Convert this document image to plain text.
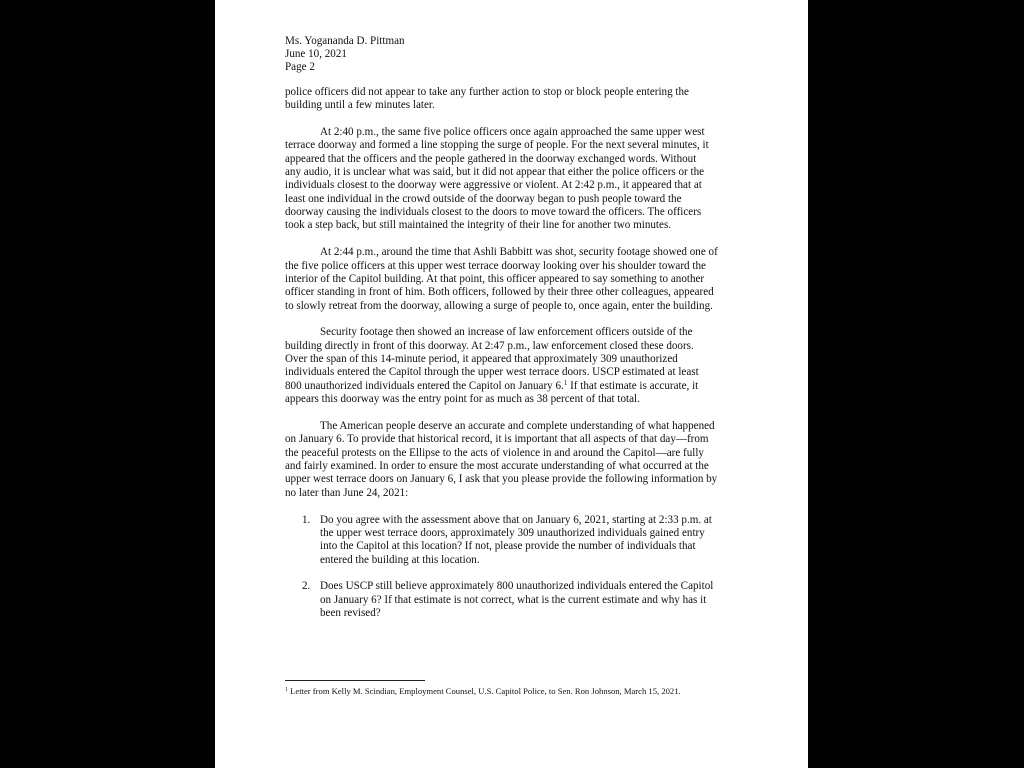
Ms. Yogananda D. Pittman
June 10, 2021
Page 2
police officers did not appear to take any further action to stop or block people entering the
building until a few minutes later.
At 2:40 p.m., the same five police officers once again approached the same upper west
terrace doorway and formed a line stopping the surge of people. For the next several minutes, it
appeared that the officers and the people gathered in the doorway exchanged words. Without
any audio, it is unclear what was said, but it did not appear that either the police officers or the
individuals closest to the doorway were aggressive or violent. At 2:42 p.m., it appeared that at
least one individual in the crowd outside of the doorway began to push people toward the
doorway causing the individuals closest to the doors to move toward the officers. The officers
took a step back, but still maintained the integrity of their line for another two minutes.
At 2:44 p.m., around the time that Ashli Babbitt was shot, security footage showed one of
the five police officers at this upper west terrace doorway looking over his shoulder toward the
interior of the Capitol building. At that point, this officer appeared to say something to another
officer standing in front of him. Both officers, followed by their three other colleagues, appeared
to slowly retreat from the doorway, allowing a surge of people to, once again, enter the building.
Security footage then showed an increase of law enforcement officers outside of the
building directly in front of this doorway. At 2:47 p.m., law enforcement closed these doors.
Over the span of this 14-minute period, it appeared that approximately 309 unauthorized
individuals entered the Capitol through the upper west terrace doors. USCP estimated at least
800 unauthorized individuals entered the Capitol on January 6.$^1$ If that estimate is accurate, it
appears this doorway was the entry point for as much as 38 percent of that total.
The American people deserve an accurate and complete understanding of what happened
on January 6. To provide that historical record, it is important that all aspects of that day—from
the peaceful protests on the Ellipse to the acts of violence in and around the Capitol—are fully
and fairly examined. In order to ensure the most accurate understanding of what occurred at the
upper west terrace doors on January 6, I ask that you please provide the following information by
no later than June 24, 2021:
1. Do you agree with the assessment above that on January 6, 2021, starting at 2:33 p.m. at
the upper west terrace doors, approximately 309 unauthorized individuals gained entry
into the Capitol at this location? If not, please provide the number of individuals that
entered the building at this location.
2. Does USCP still believe approximately 800 unauthorized individuals entered the Capitol
on January 6? If that estimate is not correct, what is the current estimate and why has it
been revised?
$^1$ Letter from Kelly M. Scindian, Employment Counsel, U.S. Capitol Police, to Sen. Ron Johnson, March 15, 2021.
